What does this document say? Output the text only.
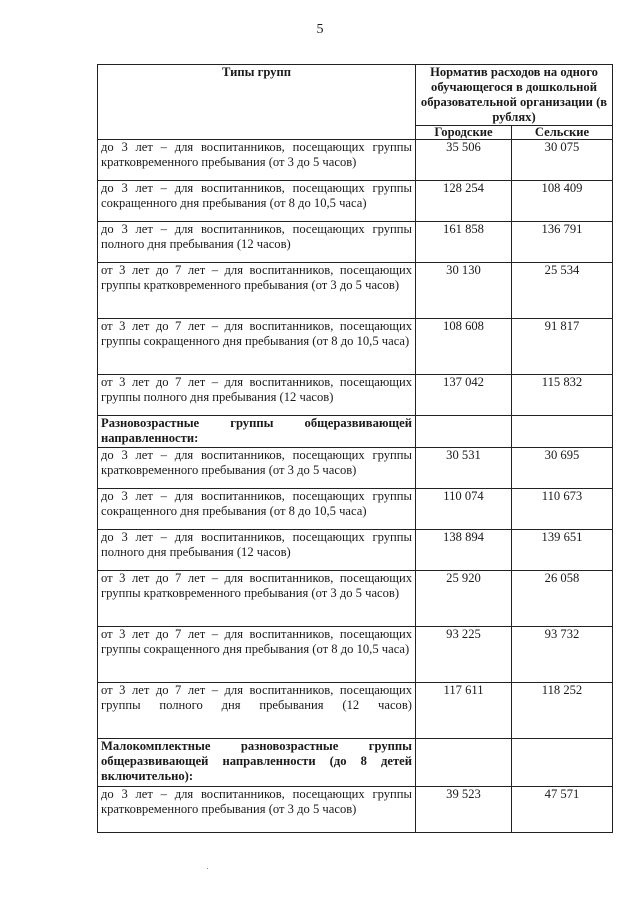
5
Типы групп	Норматив расходов на одного обучающегося в дошкольной образовательной организации (в рублях)	
	Городские	Сельские
до 3 лет – для воспитанников, посещающих группы кратковременного пребывания (от 3 до 5 часов)	35 506	30 075
до 3 лет – для воспитанников, посещающих группы сокращенного дня пребывания (от 8 до 10,5 часа)	128 254	108 409
до 3 лет – для воспитанников, посещающих группы полного дня пребывания (12 часов)	161 858	136 791
от 3 лет до 7 лет – для воспитанников, посещающих группы кратковременного пребывания (от 3 до 5 часов)	30 130	25 534
от 3 лет до 7 лет – для воспитанников, посещающих группы сокращенного дня пребывания (от 8 до 10,5 часа)	108 608	91 817
от 3 лет до 7 лет – для воспитанников, посещающих группы полного дня пребывания (12 часов)	137 042	115 832
Разновозрастные группы общеразвивающей направленности:		
до 3 лет – для воспитанников, посещающих группы кратковременного пребывания (от 3 до 5 часов)	30 531	30 695
до 3 лет – для воспитанников, посещающих группы сокращенного дня пребывания (от 8 до 10,5 часа)	110 074	110 673
до 3 лет – для воспитанников, посещающих группы полного дня пребывания (12 часов)	138 894	139 651
от 3 лет до 7 лет – для воспитанников, посещающих группы кратковременного пребывания (от 3 до 5 часов)	25 920	26 058
от 3 лет до 7 лет – для воспитанников, посещающих группы сокращенного дня пребывания (от 8 до 10,5 часа)	93 225	93 732
от 3 лет до 7 лет – для воспитанников, посещающих группы полного дня пребывания (12 часов)	117 611	118 252
Малокомплектные разновозрастные группы общеразвивающей направленности (до 8 детей включительно):		
до 3 лет – для воспитанников, посещающих группы кратковременного пребывания (от 3 до 5 часов)	39 523	47 571
